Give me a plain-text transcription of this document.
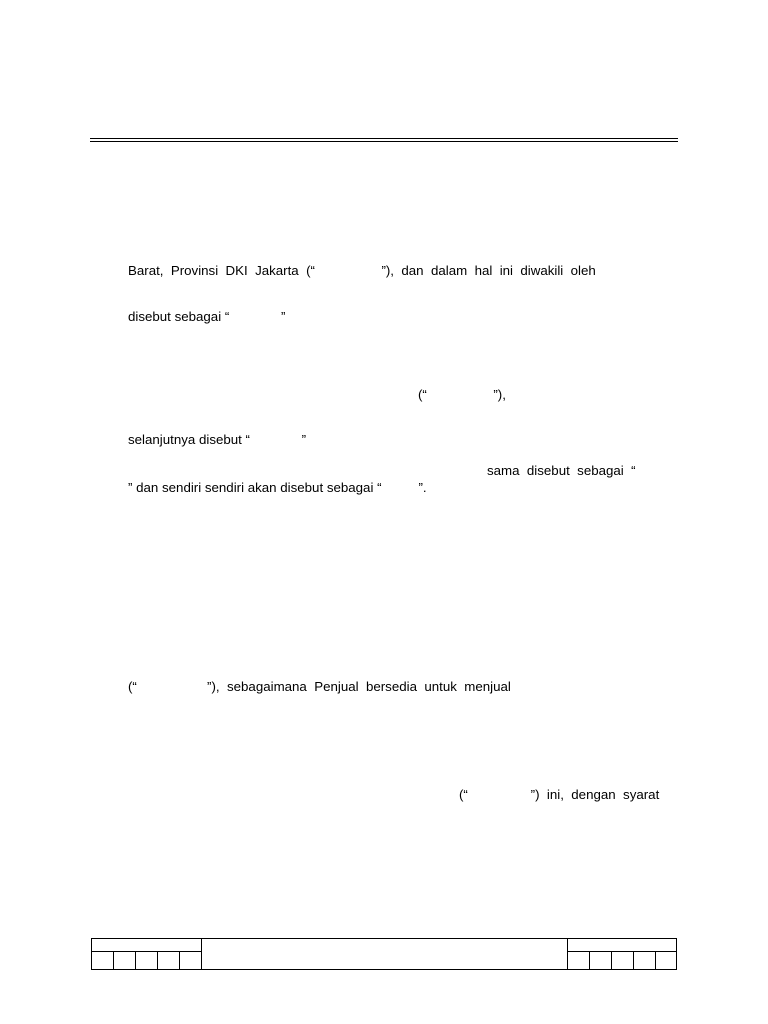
Barat,  Provinsi  DKI  Jakarta  (“                  ”),  dan  dalam  hal  ini  diwakili  oleh
disebut sebagai “              ”
(“                  ”),
selanjutnya disebut “              ”
sama  disebut  sebagai  “
” dan sendiri sendiri akan disebut sebagai “          ”.
(“                   ”),  sebagaimana  Penjual  bersedia  untuk  menjual
(“                 ”)  ini,  dengan  syarat
